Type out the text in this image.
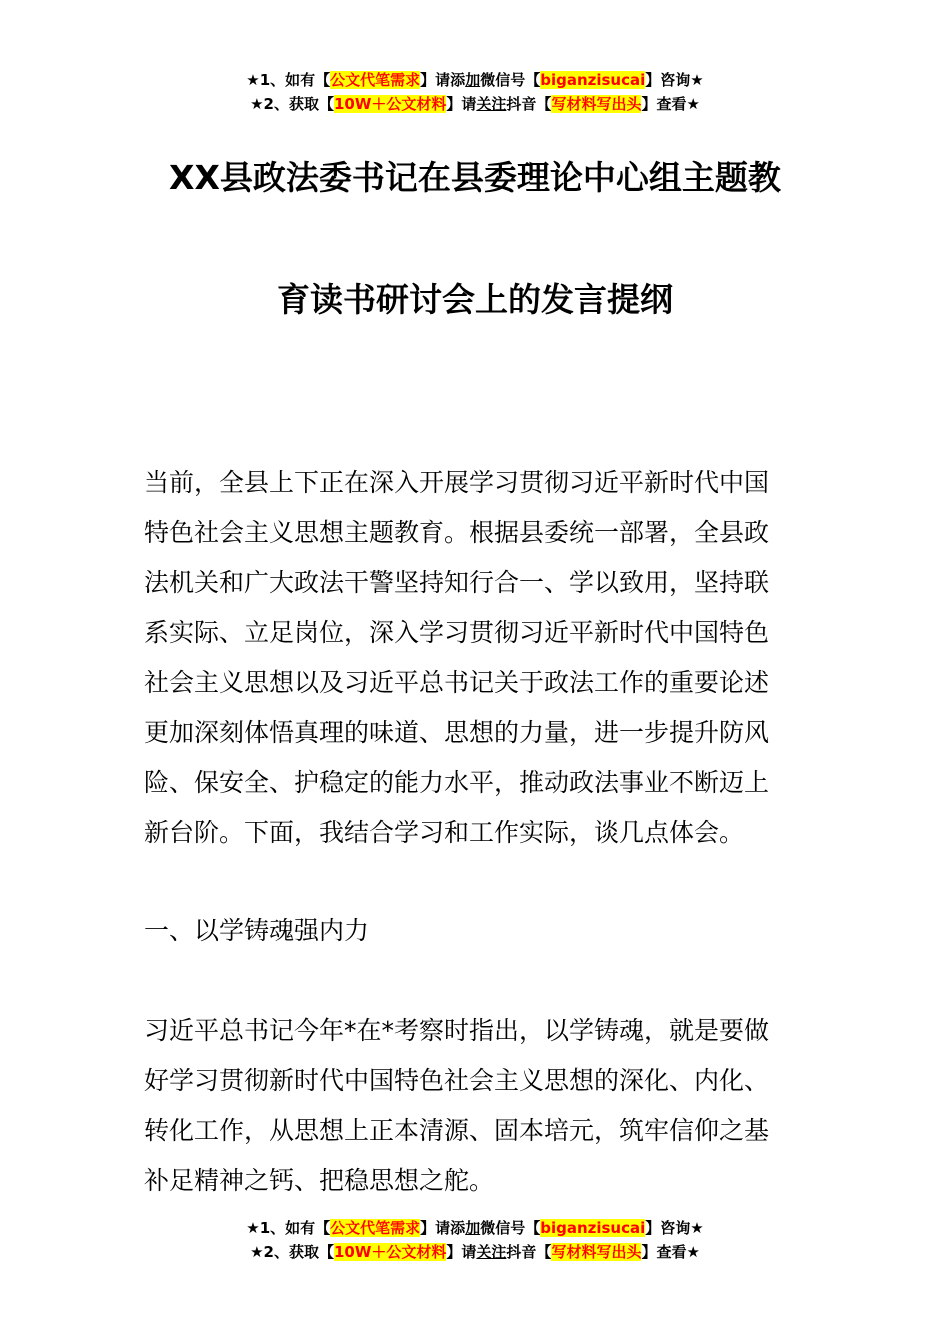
★1、如有【公文代笔需求】请添加微信号【biganzisucai】咨询★
★2、获取【10W＋公文材料】请关注抖音【写材料写出头】查看★
XX县政法委书记在县委理论中心组主题教
育读书研讨会上的发言提纲
当前，全县上下正在深入开展学习贯彻习近平新时代中国
特色社会主义思想主题教育。根据县委统一部署，全县政
法机关和广大政法干警坚持知行合一、学以致用，坚持联
系实际、立足岗位，深入学习贯彻习近平新时代中国特色
社会主义思想以及习近平总书记关于政法工作的重要论述
更加深刻体悟真理的味道、思想的力量，进一步提升防风
险、保安全、护稳定的能力水平，推动政法事业不断迈上
新台阶。下面，我结合学习和工作实际，谈几点体会。
一、以学铸魂强内力
习近平总书记今年*在*考察时指出，以学铸魂，就是要做
好学习贯彻新时代中国特色社会主义思想的深化、内化、
转化工作，从思想上正本清源、固本培元，筑牢信仰之基
补足精神之钙、把稳思想之舵。
★1、如有【公文代笔需求】请添加微信号【biganzisucai】咨询★
★2、获取【10W＋公文材料】请关注抖音【写材料写出头】查看★
